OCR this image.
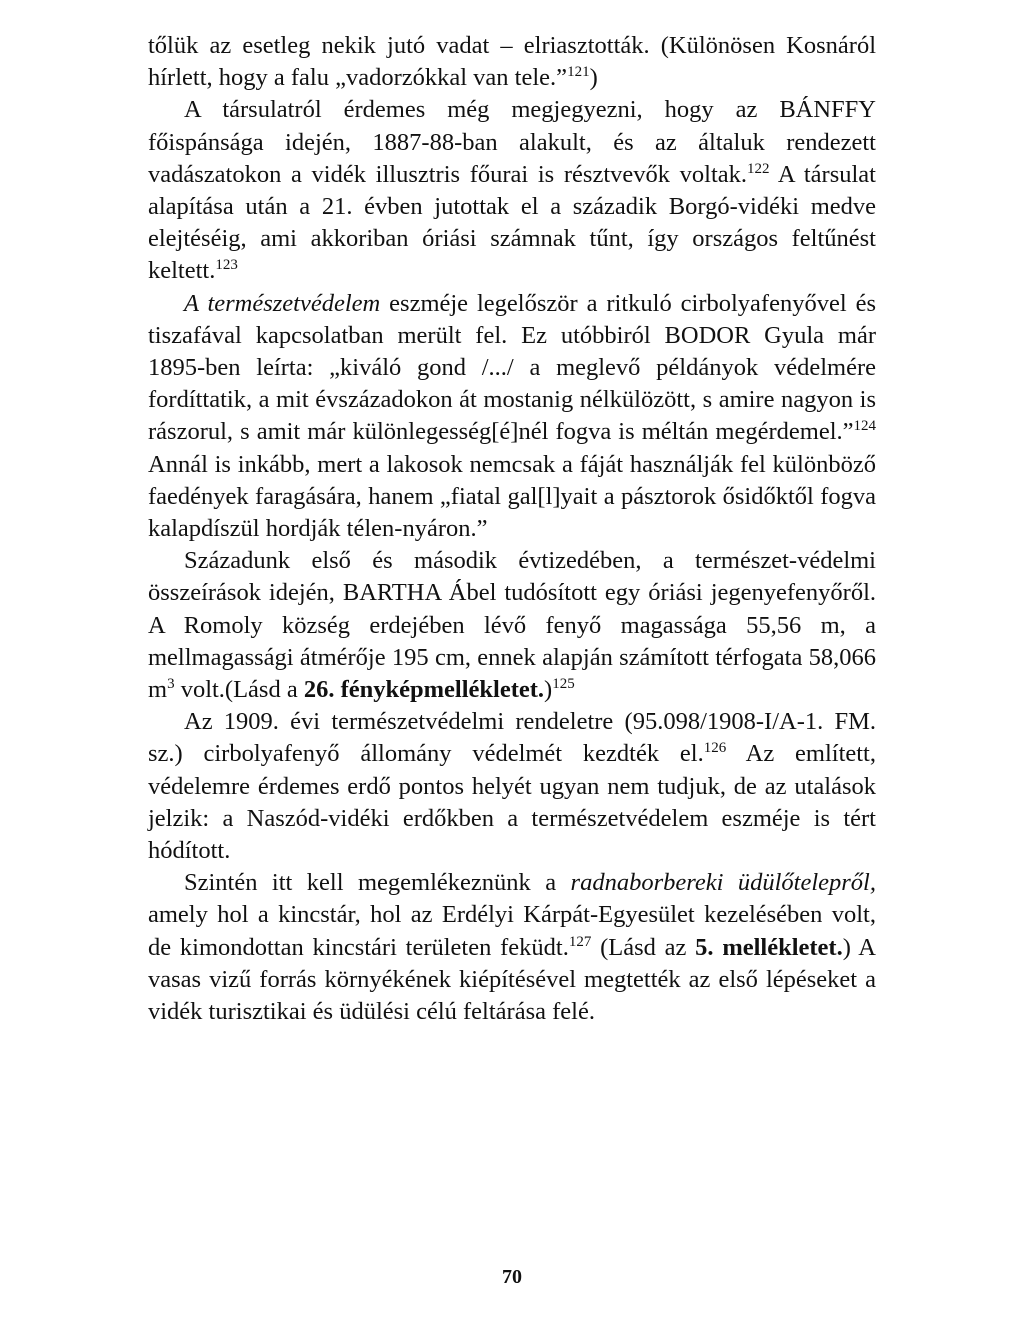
tőlük az esetleg nekik jutó vadat – elriasztották. (Különösen Kosnáról hírlett, hogy a falu „vadorzókkal van tele.”$^{121}$)

A társulatról érdemes még megjegyezni, hogy az BÁNFFY főispánsága idején, 1887-88-ban alakult, és az általuk rendezett vadászatokon a vidék illusztris főurai is résztvevők voltak.$^{122}$ A társulat alapítása után a 21. évben jutottak el a századik Borgó-vidéki medve elejtéséig, ami akkoriban óriási számnak tűnt, így országos feltűnést keltett.$^{123}$

A természetvédelem eszméje legelőször a ritkuló cirbolyafenyővel és tiszafával kapcsolatban merült fel. Ez utóbbiról BODOR Gyula már 1895-ben leírta: „kiváló gond /.../ a meglevő példányok védelmére fordíttatik, a mit évszázadokon át mostanig nélkülözött, s amire nagyon is rászorul, s amit már különlegesség[é]nél fogva is méltán megérdemel.”$^{124}$ Annál is inkább, mert a lakosok nemcsak a fáját használják fel különböző faedények faragására, hanem „fiatal gal[l]yait a pásztorok ősidőktől fogva kalapdíszül hordják télen-nyáron.”

Századunk első és második évtizedében, a természet-védelmi összeírások idején, BARTHA Ábel tudósított egy óriási jegenyefenyőről. A Romoly község erdejében lévő fenyő magassága 55,56 m, a mellmagassági átmérője 195 cm, ennek alapján számított térfogata 58,066 $m^3$ volt.(Lásd a 26. fényképmellékletet.)$^{125}$

Az 1909. évi természetvédelmi rendeletre (95.098/1908-I/A-1. FM. sz.) cirbolyafenyő állomány védelmét kezdték el.$^{126}$ Az említett, védelemre érdemes erdő pontos helyét ugyan nem tudjuk, de az utalások jelzik: a Naszód-vidéki erdőkben a természetvédelem eszméje is tért hódított.

Szintén itt kell megemlékeznünk a radnaborbereki üdülőtelepről, amely hol a kincstár, hol az Erdélyi Kárpát-Egyesület kezelésében volt, de kimondottan kincstári területen feküdt.$^{127}$ (Lásd az 5. mellékletet.) A vasas vizű forrás környékének kiépítésével megtették az első lépéseket a vidék turisztikai és üdülési célú feltárása felé.

70
